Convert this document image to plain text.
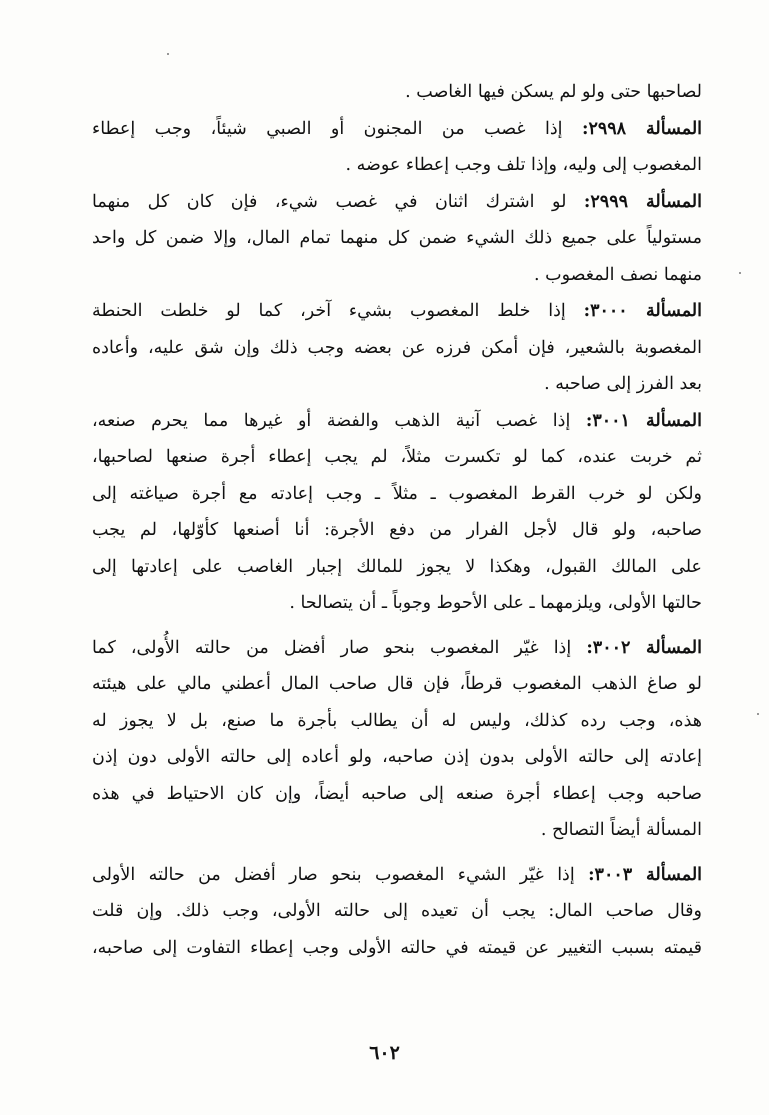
لصاحبها حتى ولو لم يسكن فيها الغاصب .
المسألة ٢٩٩٨: إذا غصب من المجنون أو الصبي شيئاً، وجب إعطاء
المغصوب إلى وليه، وإذا تلف وجب إعطاء عوضه .
المسألة ٢٩٩٩: لو اشترك اثنان في غصب شيء، فإن كان كل منهما
مستولياً على جميع ذلك الشيء ضمن كل منهما تمام المال، وإلا ضمن كل واحد
منهما نصف المغصوب .
المسألة ٣٠٠٠: إذا خلط المغصوب بشيء آخر، كما لو خلطت الحنطة
المغصوبة بالشعير، فإن أمكن فرزه عن بعضه وجب ذلك وإن شق عليه، وأعاده
بعد الفرز إلى صاحبه .
المسألة ٣٠٠١: إذا غصب آنية الذهب والفضة أو غيرها مما يحرم صنعه،
ثم خربت عنده، كما لو تكسرت مثلاً، لم يجب إعطاء أجرة صنعها لصاحبها،
ولكن لو خرب القرط المغصوب ـ مثلاً ـ وجب إعادته مع أجرة صياغته إلى
صاحبه، ولو قال لأجل الفرار من دفع الأجرة: أنا أصنعها كأوّلها، لم يجب
على المالك القبول، وهكذا لا يجوز للمالك إجبار الغاصب على إعادتها إلى
حالتها الأولى، ويلزمهما ـ على الأحوط وجوباً ـ أن يتصالحا .
المسألة ٣٠٠٢: إذا غيّر المغصوب بنحو صار أفضل من حالته الأُولى، كما
لو صاغ الذهب المغصوب قرطاً، فإن قال صاحب المال أعطني مالي على هيئته
هذه، وجب رده كذلك، وليس له أن يطالب بأجرة ما صنع، بل لا يجوز له
إعادته إلى حالته الأولى بدون إذن صاحبه، ولو أعاده إلى حالته الأولى دون إذن
صاحبه وجب إعطاء أجرة صنعه إلى صاحبه أيضاً، وإن كان الاحتياط في هذه
المسألة أيضاً التصالح .
المسألة ٣٠٠٣: إذا غيّر الشيء المغصوب بنحو صار أفضل من حالته الأولى
وقال صاحب المال: يجب أن تعيده إلى حالته الأولى، وجب ذلك. وإن قلت
قيمته بسبب التغيير عن قيمته في حالته الأولى وجب إعطاء التفاوت إلى صاحبه،
٦٠٢
